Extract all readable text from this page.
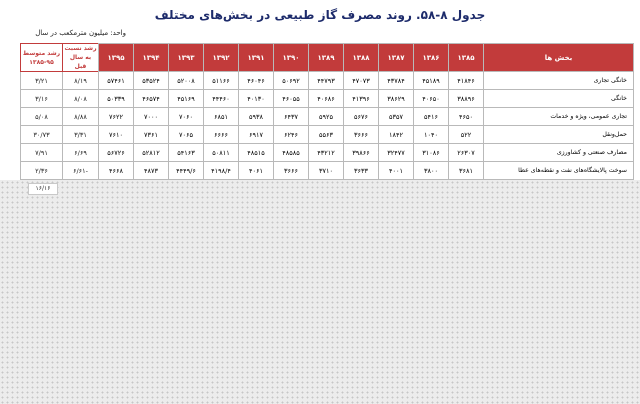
جدول ۸-۵۸. روند مصرف گاز طبیعی در بخش‌های مختلف
واحد: میلیون مترمکعب در سال
بخش ها	۱۳۸۵	۱۳۸۶	۱۳۸۷	۱۳۸۸	۱۳۸۹	۱۳۹۰	۱۳۹۱	۱۳۹۲	۱۳۹۳	۱۳۹۴	۱۳۹۵	رشد نسبت به سال قبل	رشد متوسط ۹۵-۱۳۸۵
خانگی تجاری	۴۱۸۴۶	۴۵۱۸۹	۴۳۷۸۴	۴۷۰۷۳	۴۴۷۹۳	۵۰۶۹۲	۴۶۰۴۶	۵۱۱۶۶	۵۲۰۰۸	۵۳۵۲۴	۵۷۴۶۱	۸/۱۹	۳/۲۱
خانگی	۳۸۸۹۶	۴۰۶۵۰	۳۸۶۲۹	۴۱۳۹۶	۴۰۶۸۶	۴۶۰۵۵	۴۰۱۳۰	۴۴۴۶۰	۴۵۱۶۹	۴۶۵۷۴	۵۰۳۳۹	۸/۰۸	۳/۱۶
تجاری عمومی، ویژه و خدمات	۴۶۵۰	۵۴۱۶	۵۳۵۷	۵۶۷۶	۵۹۲۵	۶۴۳۷	۵۹۳۸	۶۸۵۱	۷۰۶۰	۷۰۰۰	۷۶۲۲	۸/۸۸	۵/۰۸
حمل‌ونقل	۵۲۲	۱۰۴۰	۱۸۴۲	۳۶۶۶	۵۵۶۳	۶۲۴۶	۶۹۱۷	۶۶۶۶	۷۰۶۵	۷۳۶۱	۷۶۱۰	۳/۳۱	۳۰/۷۳
مصارف صنعتی و کشاورزی	۲۶۳۰۷	۳۱۰۸۶	۳۲۴۷۷	۳۹۸۶۶	۴۳۲۱۲	۴۸۵۸۵	۴۸۵۱۵	۵۰۸۱۱	۵۴۱۶۳	۵۲۸۱۲	۵۶۷۲۶	۶/۶۹	۷/۹۱
سوخت پالایشگاه‌های نفت و نقطه‌های عطا	۳۶۸۱	۳۸۰۰	۴۰۰۱	۳۶۳۳	۳۷۱۰	۳۶۶۶	۴۰۶۱	۴۱۹۸/۴	۴۴۴۹/۶	۴۸۷۳	۴۶۶۸	-۶/۶۱	۲/۳۶
۱۶/۱۶
